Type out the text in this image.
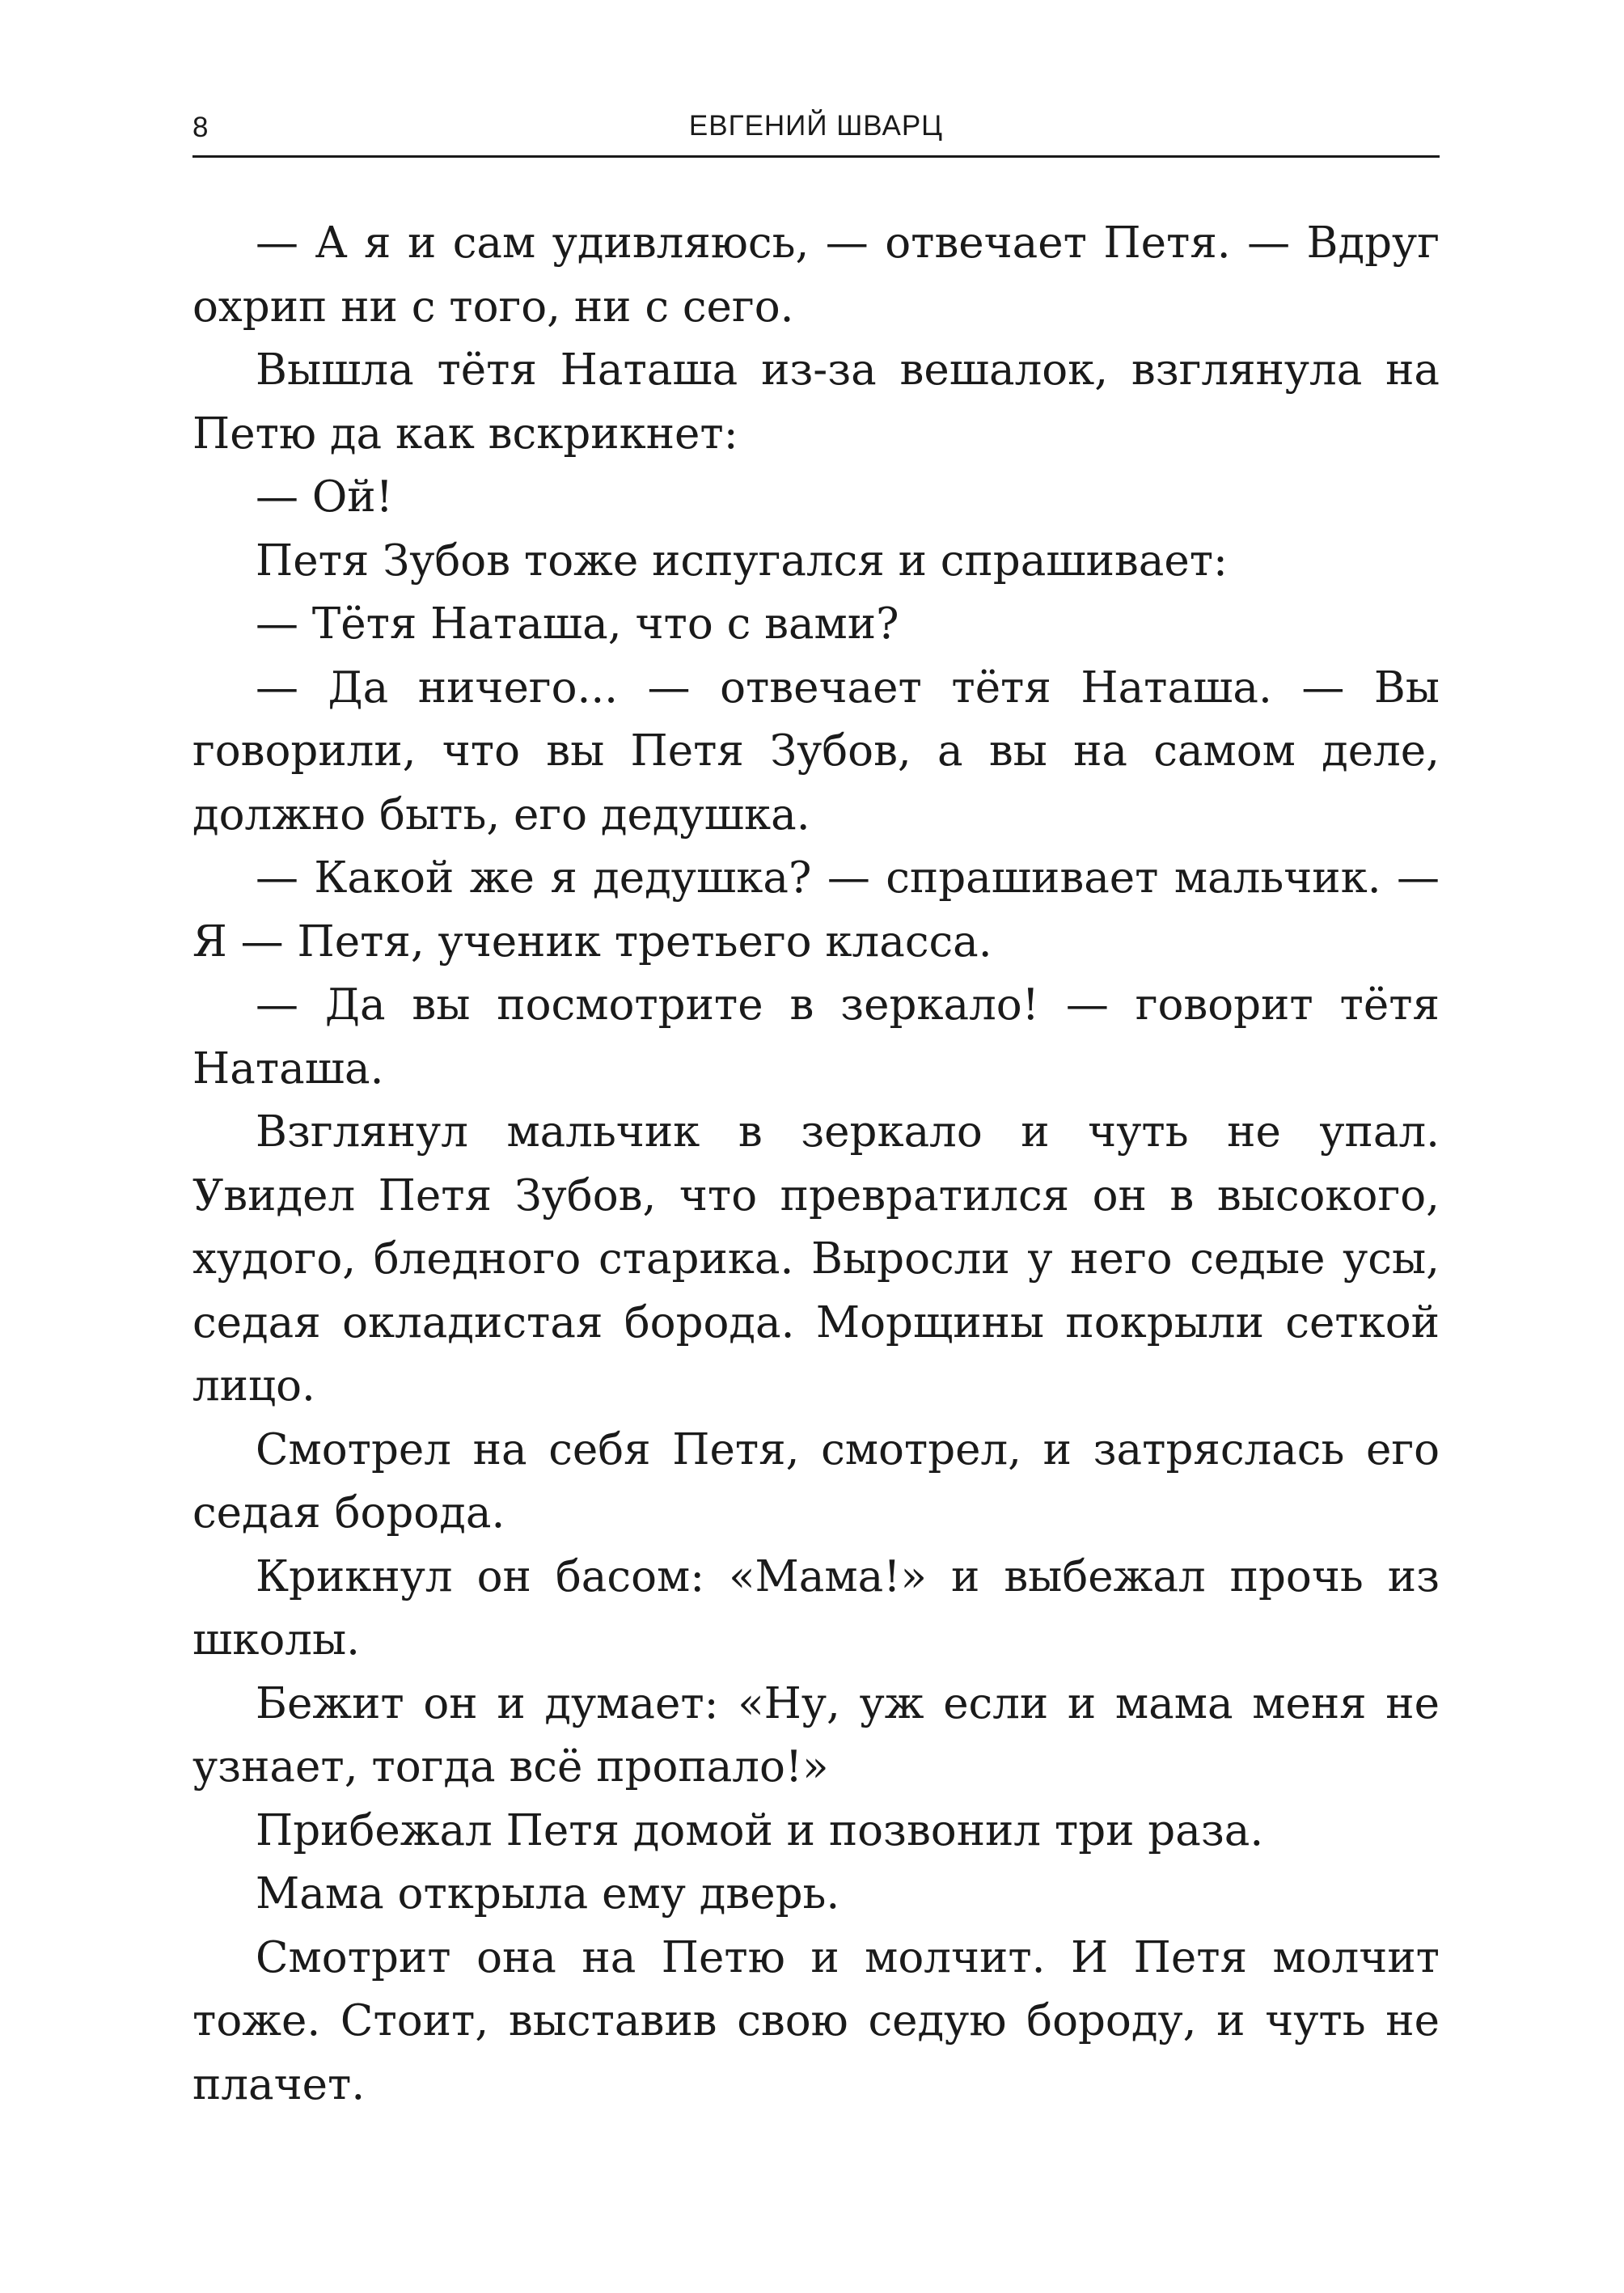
8	ЕВГЕНИЙ ШВАРЦ

— А я и сам удивляюсь, — отвечает Петя. — Вдруг охрип ни с того, ни с сего.

Вышла тётя Наташа из-за вешалок, взглянула на Петю да как вскрикнет:

— Ой!

Петя Зубов тоже испугался и спрашивает:

— Тётя Наташа, что с вами?

— Да ничего... — отвечает тётя Наташа. — Вы говорили, что вы Петя Зубов, а вы на самом деле, должно быть, его дедушка.

— Какой же я дедушка? — спрашивает мальчик. — Я — Петя, ученик третьего класса.

— Да вы посмотрите в зеркало! — говорит тётя Наташа.

Взглянул мальчик в зеркало и чуть не упал. Увидел Петя Зубов, что превратился он в высокого, худого, бледного старика. Выросли у него седые усы, седая окладистая борода. Морщины покрыли сеткой лицо.

Смотрел на себя Петя, смотрел, и затряслась его седая борода.

Крикнул он басом: «Мама!» и выбежал прочь из школы.

Бежит он и думает: «Ну, уж если и мама меня не узнает, тогда всё пропало!»

Прибежал Петя домой и позвонил три раза.

Мама открыла ему дверь.

Смотрит она на Петю и молчит. И Петя молчит тоже. Стоит, выставив свою седую бороду, и чуть не плачет.
